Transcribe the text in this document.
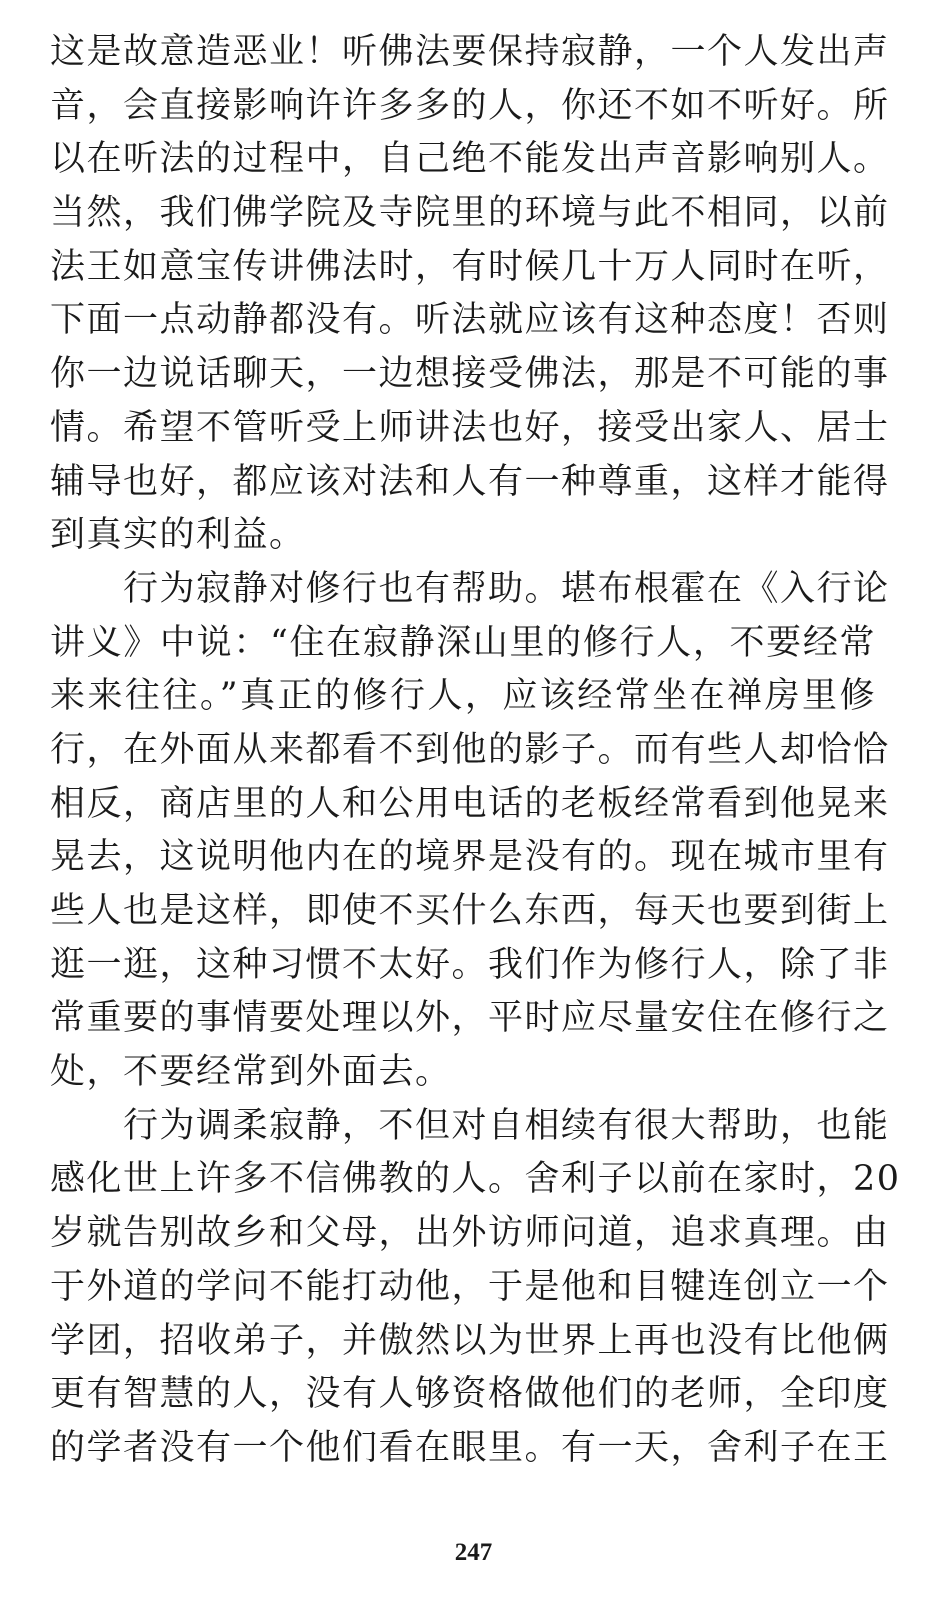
这是故意造恶业！听佛法要保持寂静，一个人发出声
音，会直接影响许许多多的人，你还不如不听好。所
以在听法的过程中，自己绝不能发出声音影响别人。
当然，我们佛学院及寺院里的环境与此不相同，以前
法王如意宝传讲佛法时，有时候几十万人同时在听，
下面一点动静都没有。听法就应该有这种态度！否则
你一边说话聊天，一边想接受佛法，那是不可能的事
情。希望不管听受上师讲法也好，接受出家人、居士
辅导也好，都应该对法和人有一种尊重，这样才能得
到真实的利益。
　　行为寂静对修行也有帮助。堪布根霍在《入行论
讲义》中说：“住在寂静深山里的修行人，不要经常
来来往往。”真正的修行人，应该经常坐在禅房里修
行，在外面从来都看不到他的影子。而有些人却恰恰
相反，商店里的人和公用电话的老板经常看到他晃来
晃去，这说明他内在的境界是没有的。现在城市里有
些人也是这样，即使不买什么东西，每天也要到街上
逛一逛，这种习惯不太好。我们作为修行人，除了非
常重要的事情要处理以外，平时应尽量安住在修行之
处，不要经常到外面去。
　　行为调柔寂静，不但对自相续有很大帮助，也能
感化世上许多不信佛教的人。舍利子以前在家时，20
岁就告别故乡和父母，出外访师问道，追求真理。由
于外道的学问不能打动他，于是他和目犍连创立一个
学团，招收弟子，并傲然以为世界上再也没有比他俩
更有智慧的人，没有人够资格做他们的老师，全印度
的学者没有一个他们看在眼里。有一天，舍利子在王
247
